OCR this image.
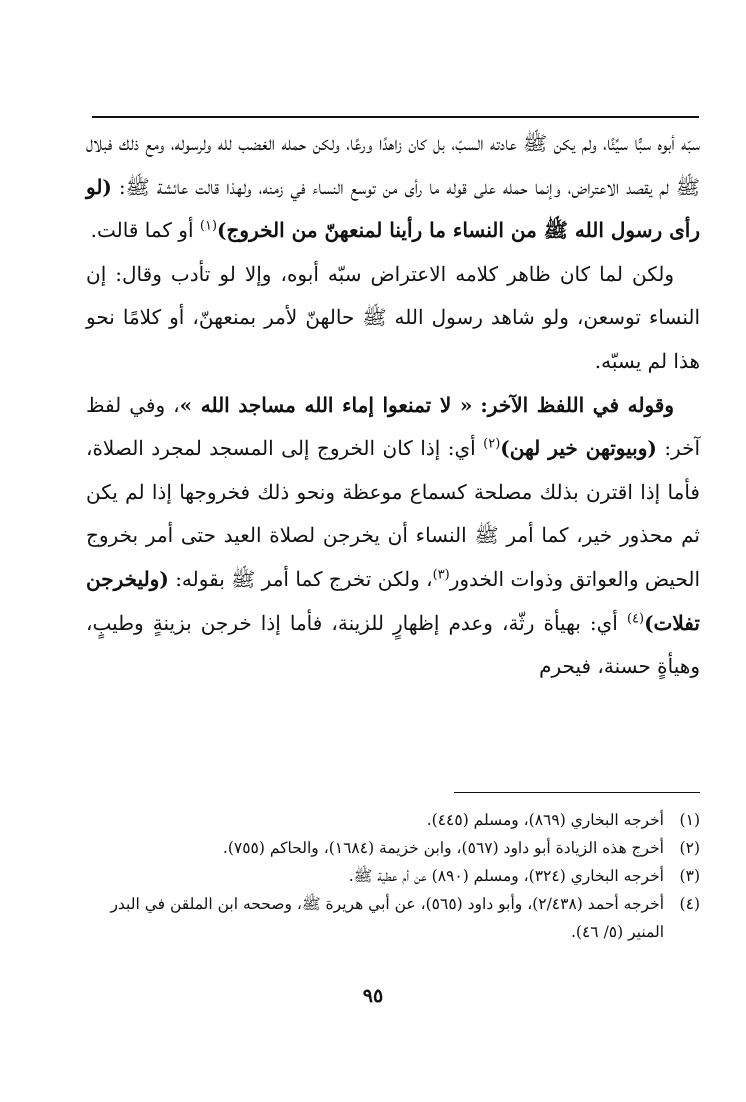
سبّه أبوه سبًّا سيِّئًا، ولم يكن ﷺ عادته السبّ، بل كان زاهدًا ورعًا، ولكن حمله الغضب لله ولرسوله، ومع ذلك فبلال ﷺ لم يقصد الاعتراض، وإنما حمله على قوله ما رأى من توسع النساء في زمنه، ولهذا قالت عائشة ﷺ: (لو رأى رسول الله ﷺ من النساء ما رأينا لمنعهنّ من الخروج)$^{(١)}$ أو كما قالت.

ولكن لما كان ظاهر كلامه الاعتراض سبّه أبوه، وإلا لو تأدب وقال: إن النساء توسعن، ولو شاهد رسول الله ﷺ حالهنّ لأمر بمنعهنّ، أو كلامًا نحو هذا لم يسبّه.

وقوله في اللفظ الآخر: « لا تمنعوا إماء الله مساجد الله »، وفي لفظ آخر: (وبيوتهن خير لهن)$^{(٢)}$ أي: إذا كان الخروج إلى المسجد لمجرد الصلاة، فأما إذا اقترن بذلك مصلحة كسماع موعظة ونحو ذلك فخروجها إذا لم يكن ثم محذور خير، كما أمر ﷺ النساء أن يخرجن لصلاة العيد حتى أمر بخروج الحيض والعواتق وذوات الخدور$^{(٣)}$، ولكن تخرج كما أمر ﷺ بقوله: (وليخرجن تفلات)$^{(٤)}$ أي: بهيأة رثّة، وعدم إظهارٍ للزينة، فأما إذا خرجن بزينةٍ وطيبٍ، وهيأةٍ حسنة، فيحرم

(١)
أخرجه البخاري (٨٦٩)، ومسلم (٤٤٥).
(٢)
أخرج هذه الزيادة أبو داود (٥٦٧)، وابن خزيمة (١٦٨٤)، والحاكم (٧٥٥).
(٣)
أخرجه البخاري (٣٢٤)، ومسلم (٨٩٠) عن أم عطية ﷺ.
(٤)
أخرجه أحمد (٢/٤٣٨)، وأبو داود (٥٦٥)، عن أبي هريرة ﷺ، وصححه ابن الملقن في البدر المنير (٥/ ٤٦).
٩٥
